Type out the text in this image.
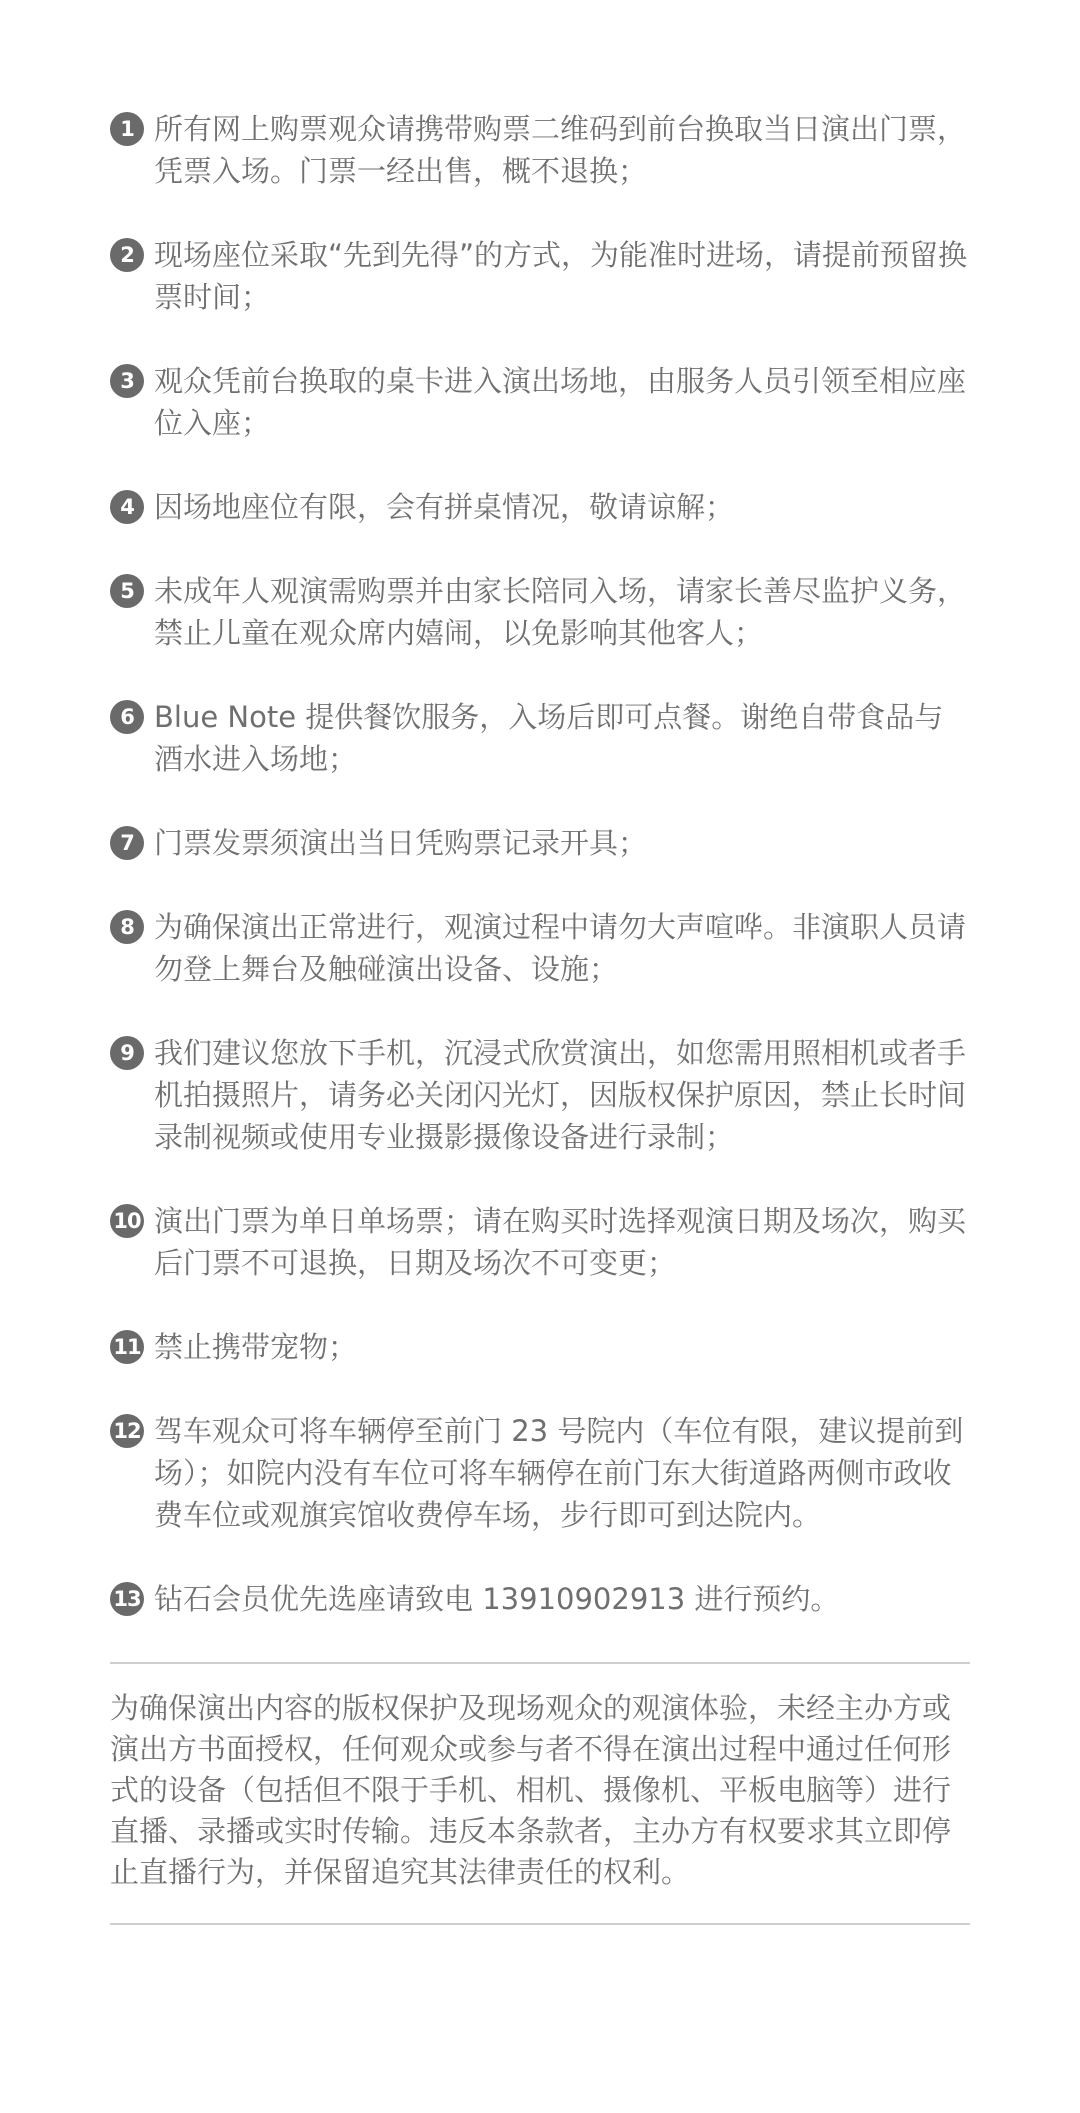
1 所有网上购票观众请携带购票二维码到前台换取当日演出门票，凭票入场。门票一经出售，概不退换；
2 现场座位采取“先到先得”的方式，为能准时进场，请提前预留换票时间；
3 观众凭前台换取的桌卡进入演出场地，由服务人员引领至相应座位入座；
4 因场地座位有限，会有拼桌情况，敬请谅解；
5 未成年人观演需购票并由家长陪同入场，请家长善尽监护义务，禁止儿童在观众席内嬉闹，以免影响其他客人；
6 Blue Note 提供餐饮服务，入场后即可点餐。谢绝自带食品与酒水进入场地；
7 门票发票须演出当日凭购票记录开具；
8 为确保演出正常进行，观演过程中请勿大声喧哗。非演职人员请勿登上舞台及触碰演出设备、设施；
9 我们建议您放下手机，沉浸式欣赏演出，如您需用照相机或者手机拍摄照片，请务必关闭闪光灯，因版权保护原因，禁止长时间录制视频或使用专业摄影摄像设备进行录制；
10 演出门票为单日单场票；请在购买时选择观演日期及场次，购买后门票不可退换，日期及场次不可变更；
11 禁止携带宠物；
12 驾车观众可将车辆停至前门 23 号院内（车位有限，建议提前到场）；如院内没有车位可将车辆停在前门东大街道路两侧市政收费车位或观旗宾馆收费停车场，步行即可到达院内。
13 钻石会员优先选座请致电 13910902913 进行预约。

为确保演出内容的版权保护及现场观众的观演体验，未经主办方或演出方书面授权，任何观众或参与者不得在演出过程中通过任何形式的设备（包括但不限于手机、相机、摄像机、平板电脑等）进行直播、录播或实时传输。违反本条款者，主办方有权要求其立即停止直播行为，并保留追究其法律责任的权利。
